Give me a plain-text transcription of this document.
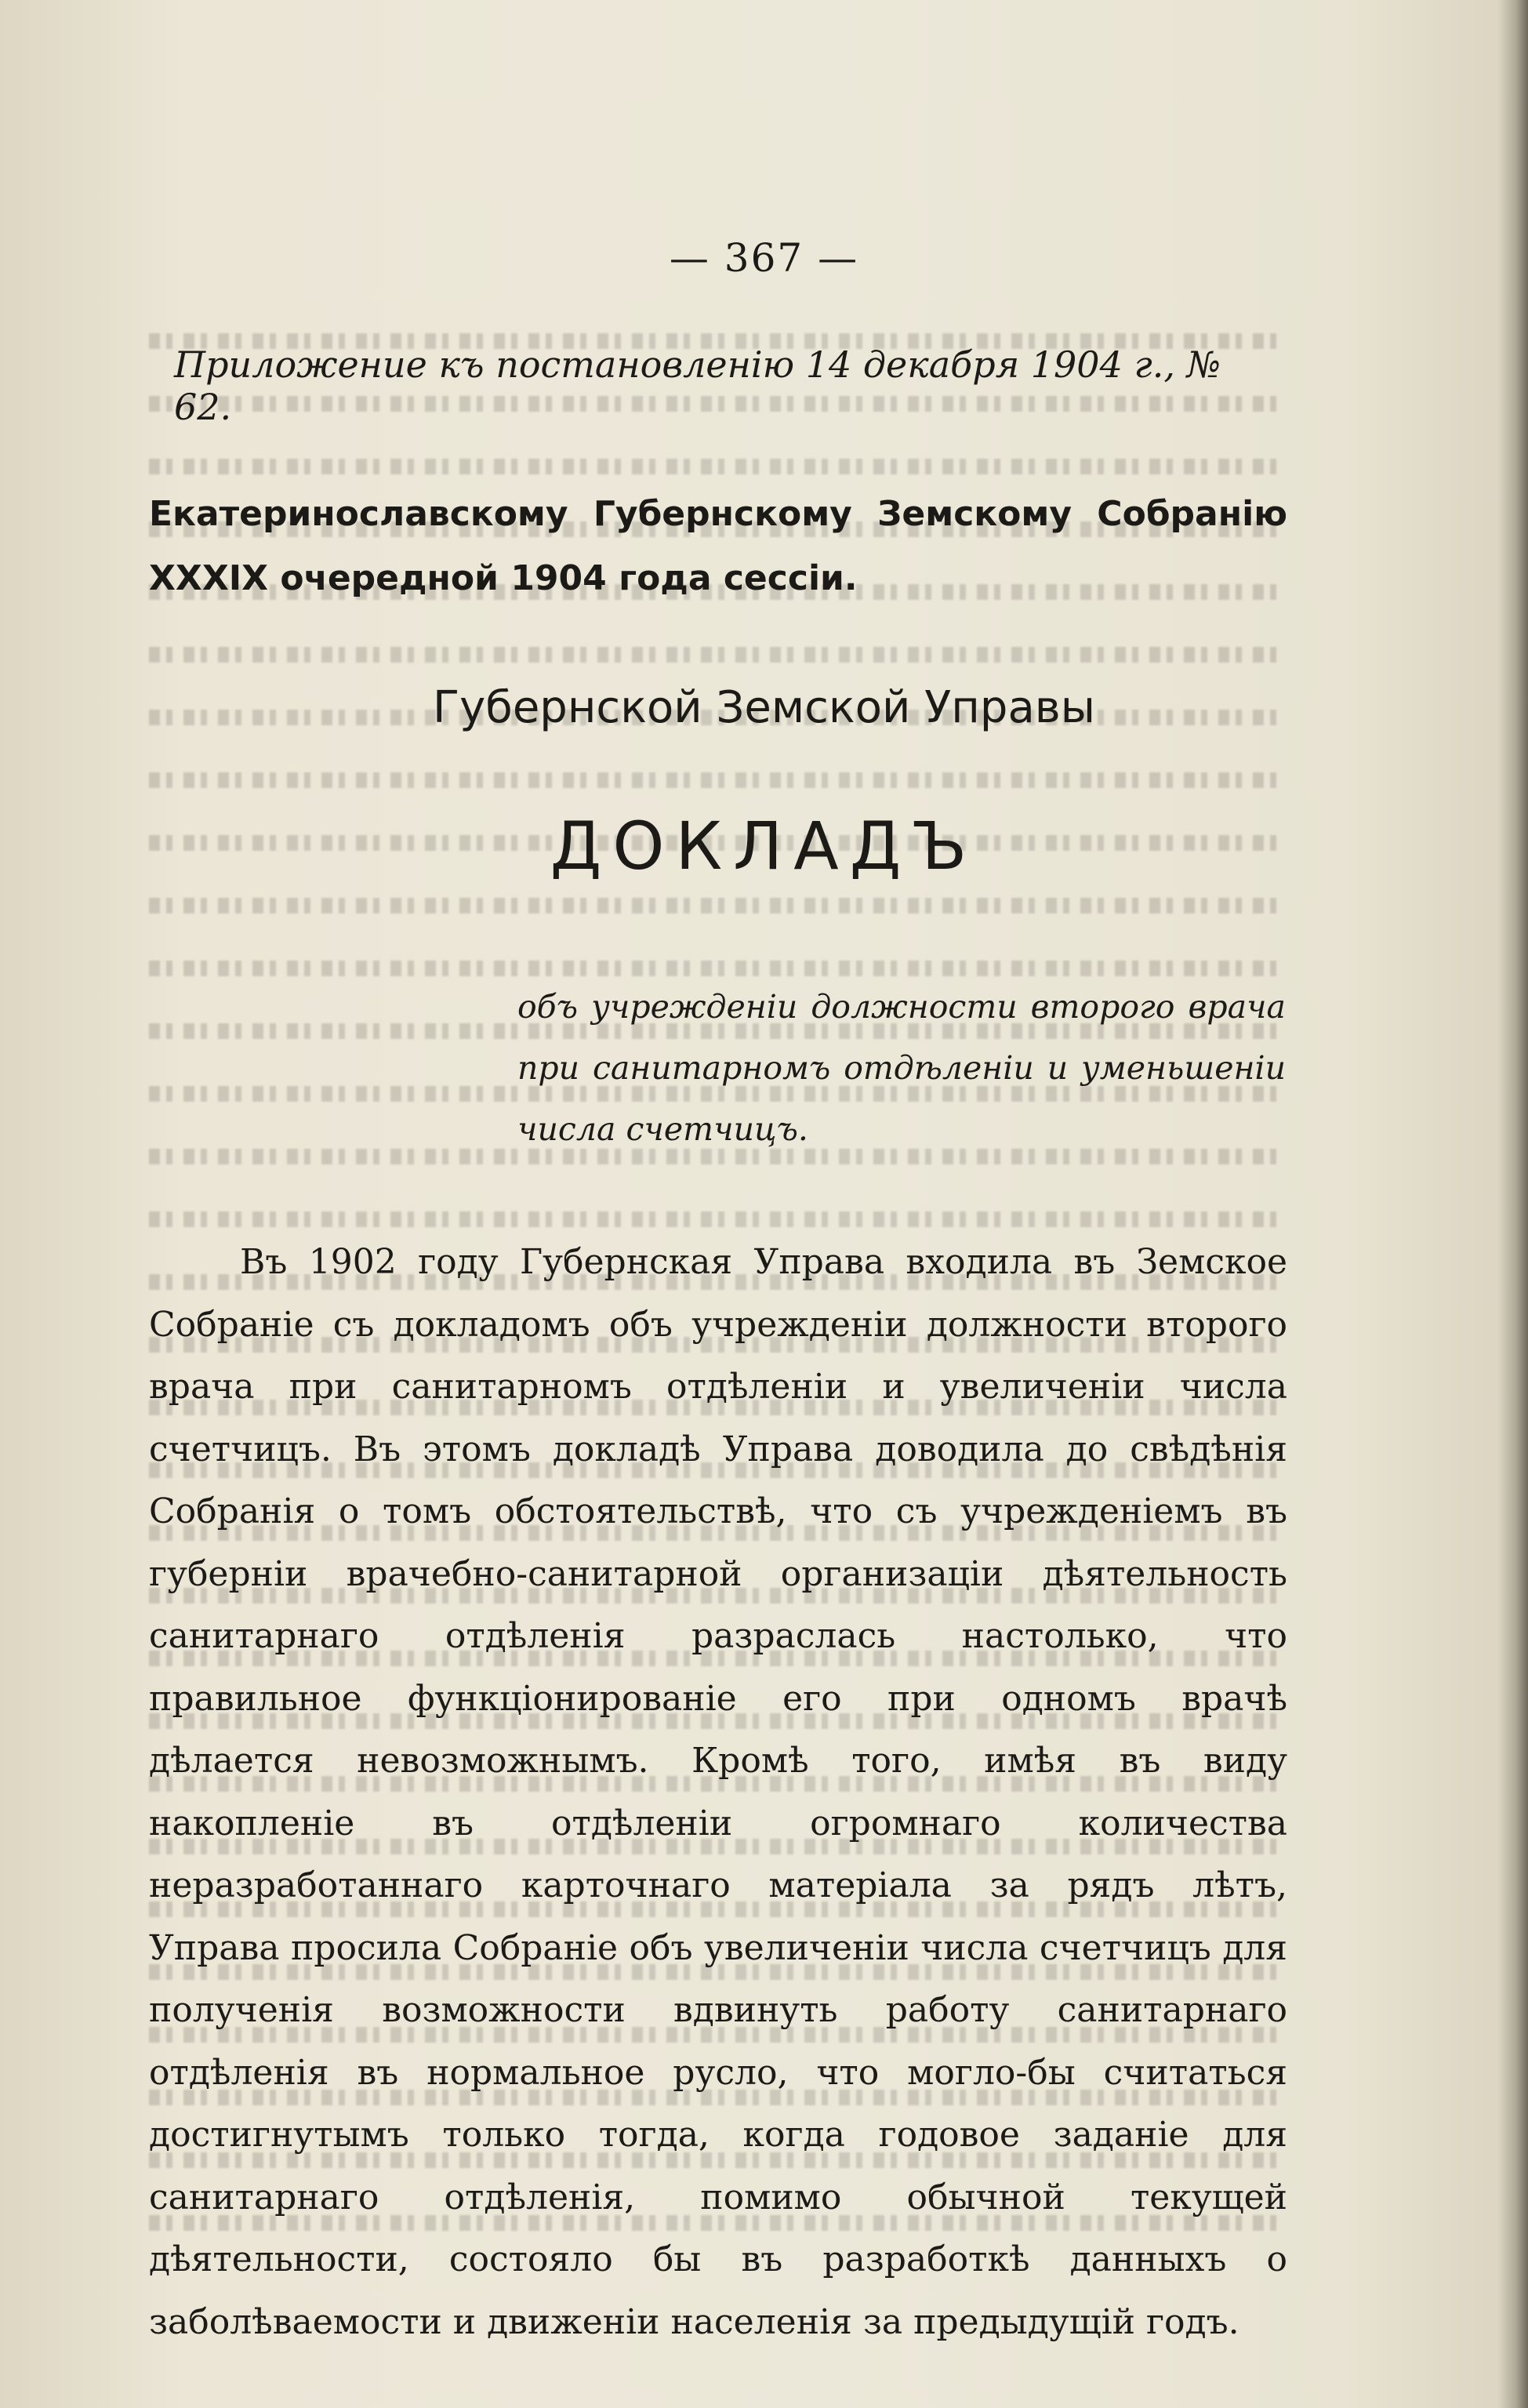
— 367 —
Приложение къ постановленію 14 декабря 1904 г., № 62.
Екатеринославскому Губернскому Земскому Собранію XXXIX очередной 1904 года сессіи.
Губернской Земской Управы
ДОКЛАДЪ
объ учрежденіи должности второго врача при санитарномъ отдѣленіи и уменьшеніи числа счетчицъ.

Въ 1902 году Губернская Управа входила въ Земское Собраніе съ докладомъ объ учрежденіи должности второго врача при санитарномъ отдѣленіи и увеличеніи числа счетчицъ. Въ этомъ докладѣ Управа доводила до свѣдѣнія Собранія о томъ обстоятельствѣ, что съ учрежденіемъ въ губерніи врачебно-санитарной организаціи дѣятельность санитарнаго отдѣленія разраслась настолько, что правильное функціонированіе его при одномъ врачѣ дѣлается невозможнымъ. Кромѣ того, имѣя въ виду накопленіе въ отдѣленіи огромнаго количества неразработаннаго карточнаго матеріала за рядъ лѣтъ, Управа просила Собраніе объ увеличеніи числа счетчицъ для полученія возможности вдвинуть работу санитарнаго отдѣленія въ нормальное русло, что могло-бы считаться достигнутымъ только тогда, когда годовое заданіе для санитарнаго отдѣленія, помимо обычной текущей дѣятельности, состояло бы въ разработкѣ данныхъ о заболѣваемости и движеніи населенія за предыдущій годъ.
